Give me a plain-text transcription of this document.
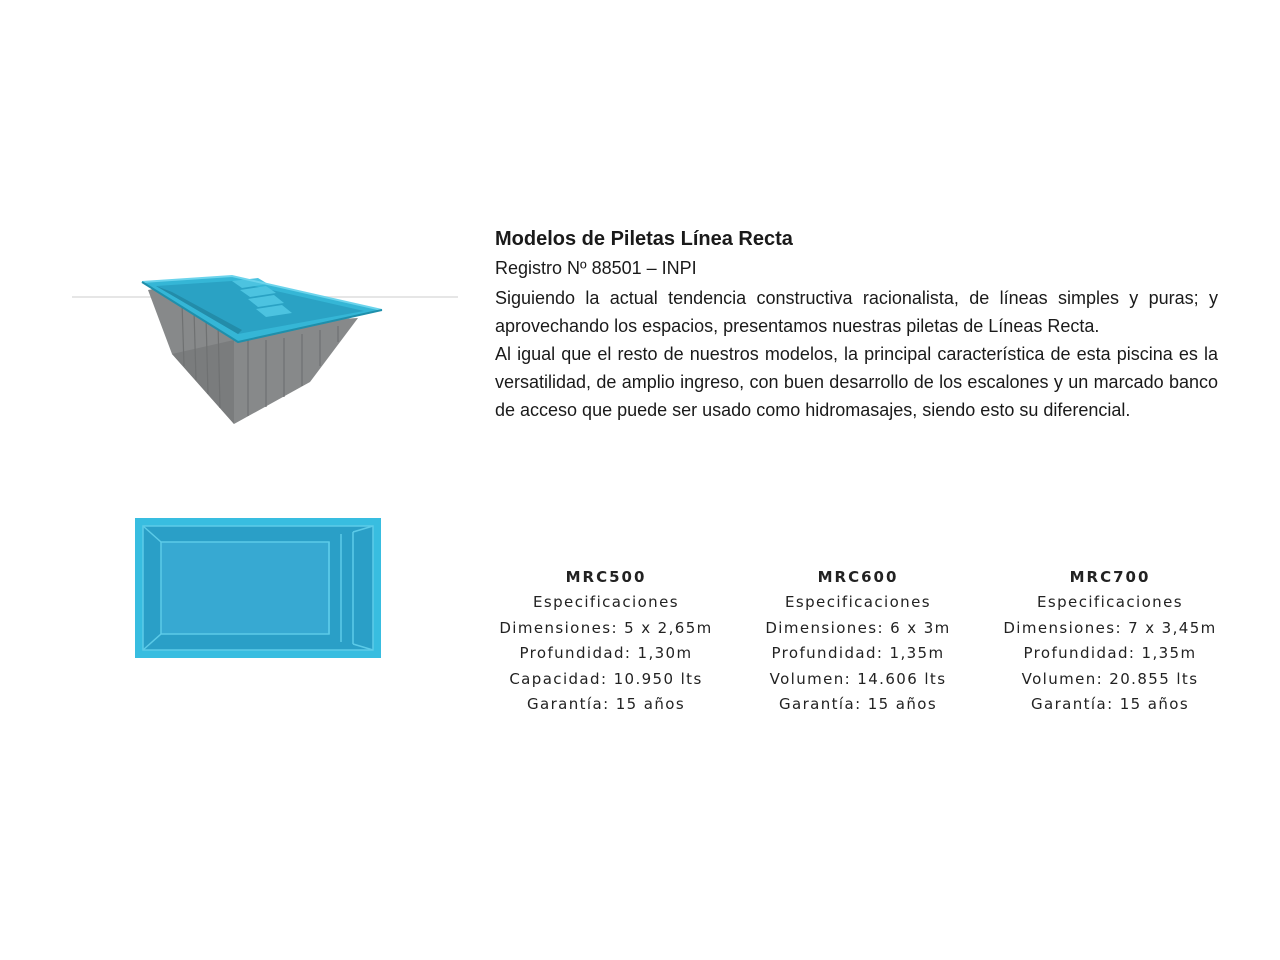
Modelos de Piletas Línea Recta
Registro Nº 88501 – INPI

Siguiendo la actual tendencia constructiva racionalista, de líneas simples y puras; y aprovechando los espacios, presentamos nuestras piletas de Líneas Recta.

Al igual que el resto de nuestros modelos, la principal característica de esta piscina es la versatilidad, de amplio ingreso, con buen desarrollo de los escalones y un marcado banco de acceso que puede ser usado como hidromasajes, siendo esto su diferencial.

MRC500
Especificaciones
Dimensiones: 5 x 2,65m
Profundidad: 1,30m
Capacidad: 10.950 lts
Garantía: 15 años
MRC600
Especificaciones
Dimensiones: 6 x 3m
Profundidad: 1,35m
Volumen: 14.606 lts
Garantía: 15 años
MRC700
Especificaciones
Dimensiones: 7 x 3,45m
Profundidad: 1,35m
Volumen: 20.855 lts
Garantía: 15 años
